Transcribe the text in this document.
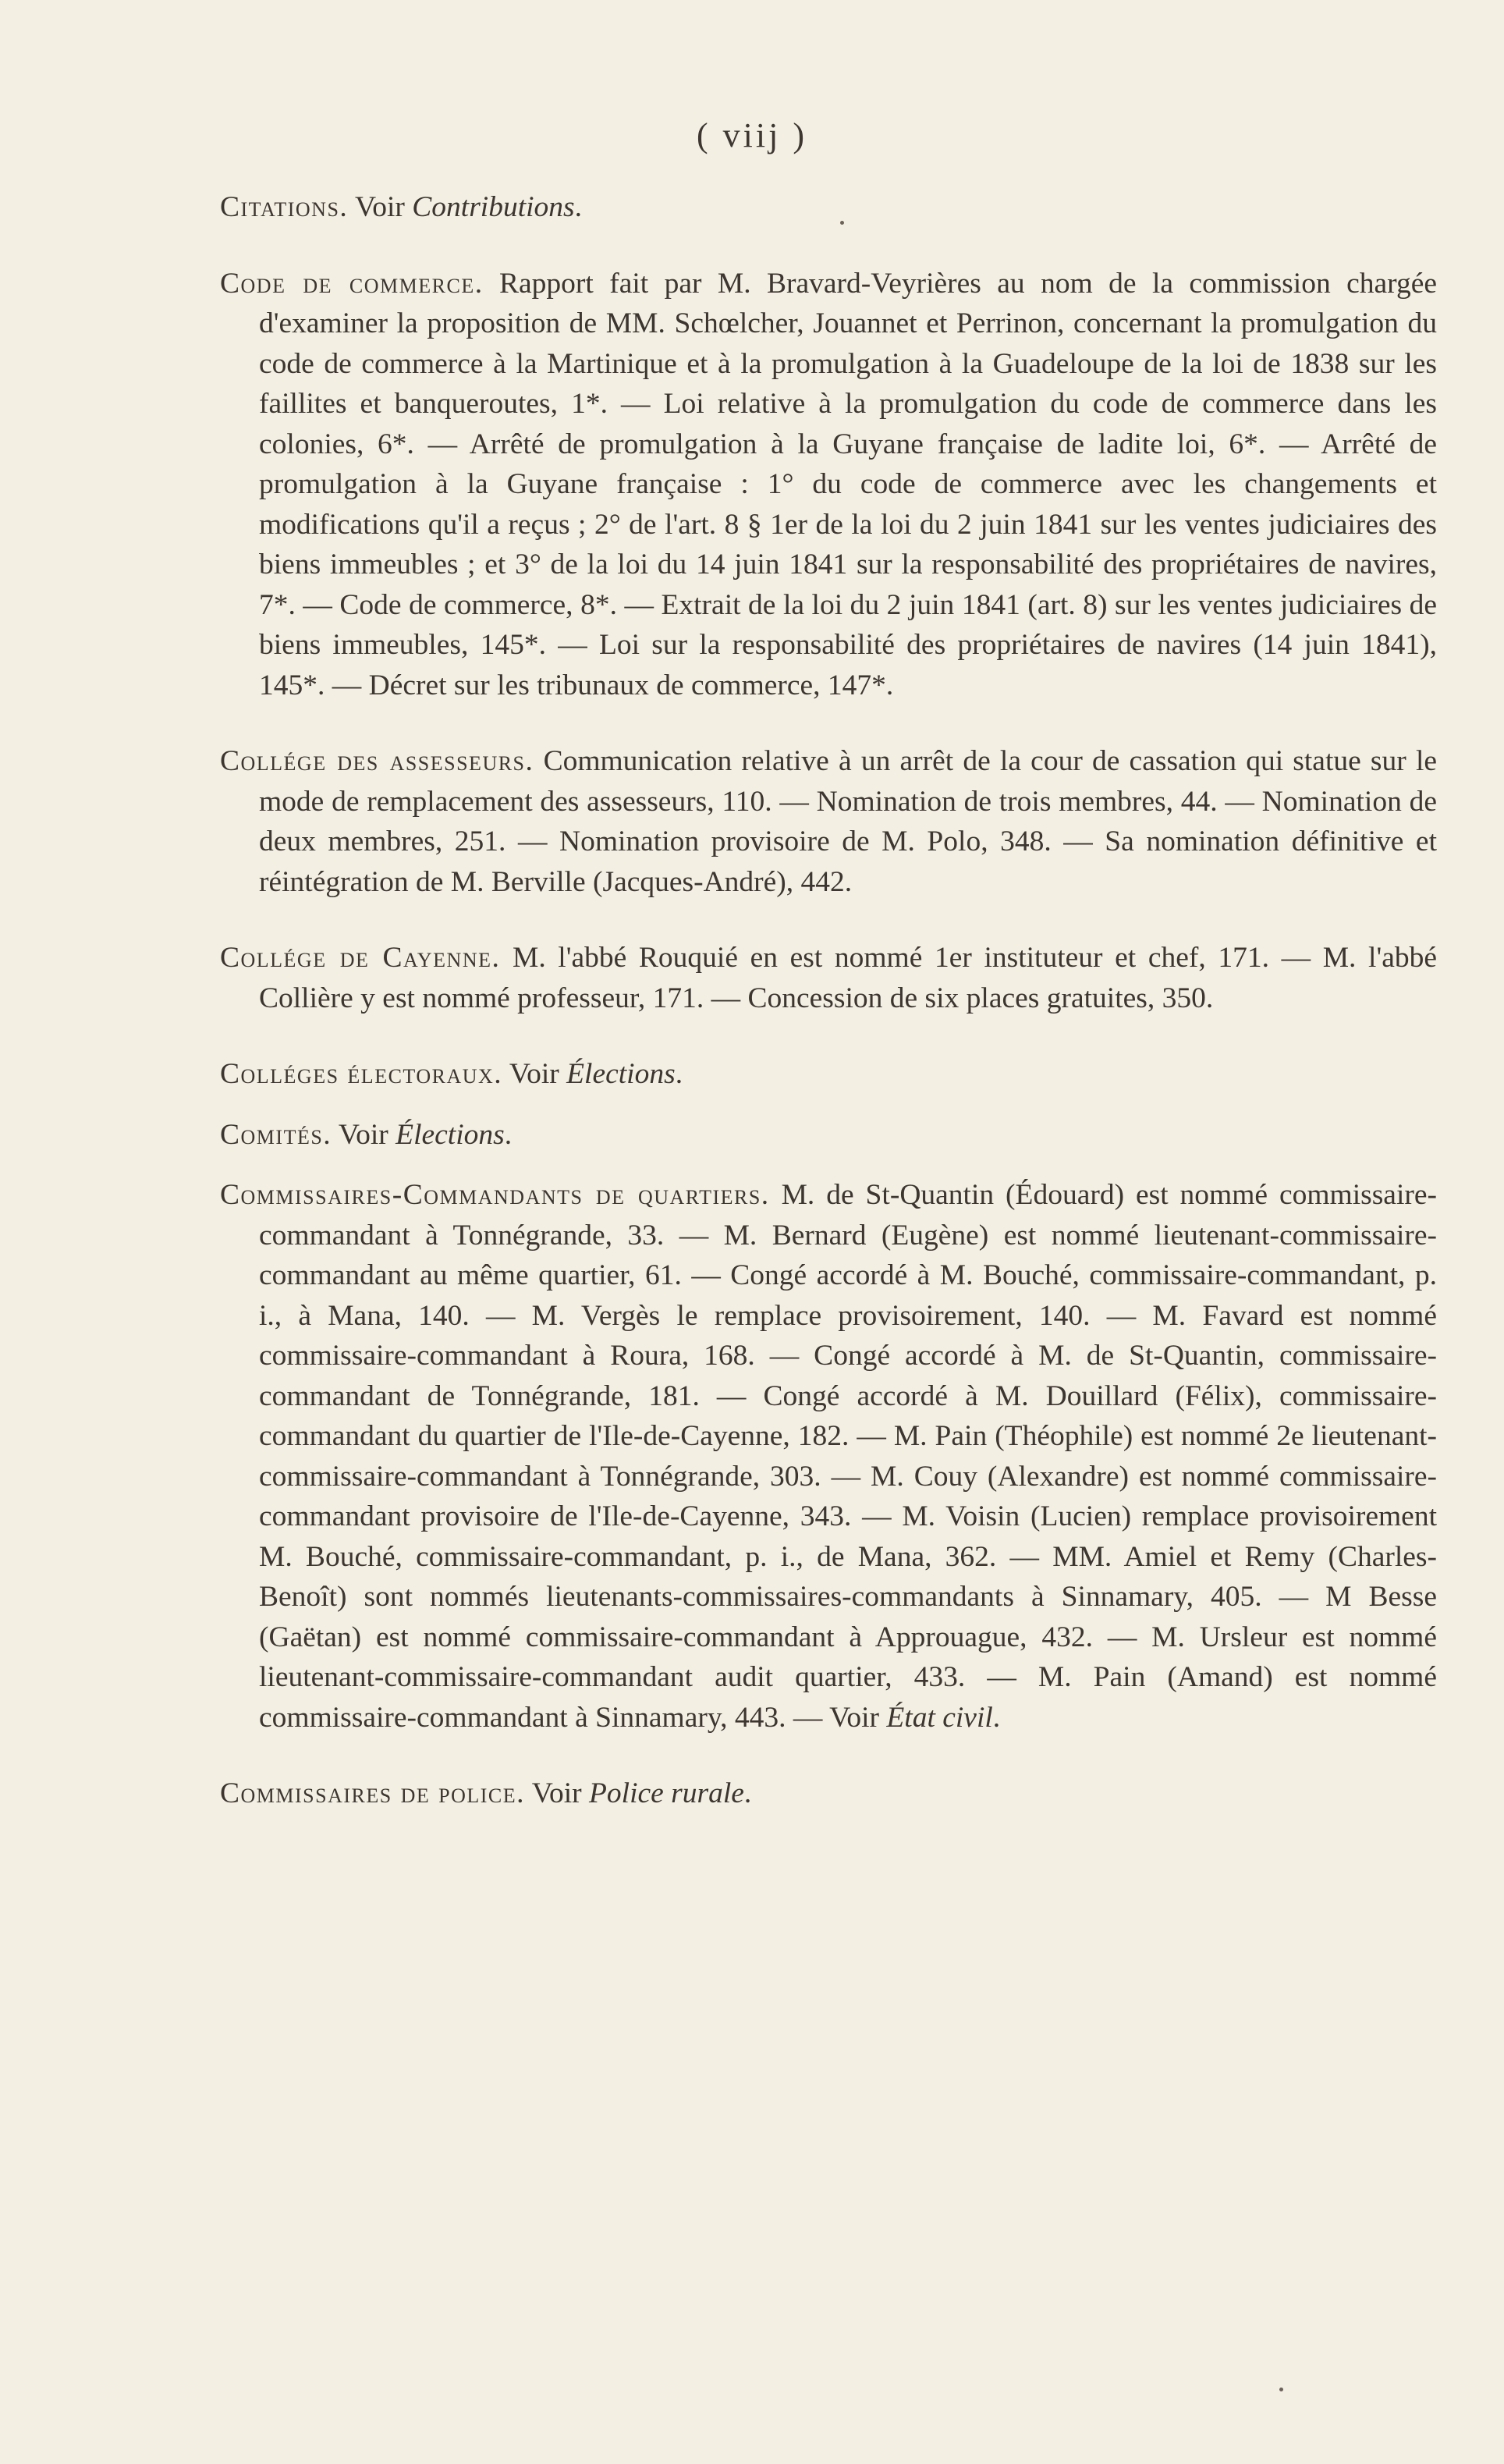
( viij )

Citations. Voir Contributions.

Code de commerce. Rapport fait par M. Bravard-Veyrières au nom de la commission chargée d'examiner la proposition de MM. Schœlcher, Jouannet et Perrinon, concernant la promulgation du code de commerce à la Martinique et à la promulgation à la Guadeloupe de la loi de 1838 sur les faillites et banqueroutes, 1*. — Loi relative à la promulgation du code de commerce dans les colonies, 6*. — Arrêté de promulgation à la Guyane française de ladite loi, 6*. — Arrêté de promulgation à la Guyane française : 1° du code de commerce avec les changements et modifications qu'il a reçus ; 2° de l'art. 8 § 1er de la loi du 2 juin 1841 sur les ventes judiciaires des biens immeubles ; et 3° de la loi du 14 juin 1841 sur la responsabilité des propriétaires de navires, 7*. — Code de commerce, 8*. — Extrait de la loi du 2 juin 1841 (art. 8) sur les ventes judiciaires de biens immeubles, 145*. — Loi sur la responsabilité des propriétaires de navires (14 juin 1841), 145*. — Décret sur les tribunaux de commerce, 147*.

Collége des assesseurs. Communication relative à un arrêt de la cour de cassation qui statue sur le mode de remplacement des assesseurs, 110. — Nomination de trois membres, 44. — Nomination de deux membres, 251. — Nomination provisoire de M. Polo, 348. — Sa nomination définitive et réintégration de M. Berville (Jacques-André), 442.

Collége de Cayenne. M. l'abbé Rouquié en est nommé 1er instituteur et chef, 171. — M. l'abbé Collière y est nommé professeur, 171. — Concession de six places gratuites, 350.

Colléges électoraux. Voir Élections.

Comités. Voir Élections.

Commissaires-Commandants de quartiers. M. de St-Quantin (Édouard) est nommé commissaire-commandant à Tonnégrande, 33. — M. Bernard (Eugène) est nommé lieutenant-commissaire-commandant au même quartier, 61. — Congé accordé à M. Bouché, commissaire-commandant, p. i., à Mana, 140. — M. Vergès le remplace provisoirement, 140. — M. Favard est nommé commissaire-commandant à Roura, 168. — Congé accordé à M. de St-Quantin, commissaire-commandant de Tonnégrande, 181. — Congé accordé à M. Douillard (Félix), commissaire-commandant du quartier de l'Ile-de-Cayenne, 182. — M. Pain (Théophile) est nommé 2e lieutenant-commissaire-commandant à Tonnégrande, 303. — M. Couy (Alexandre) est nommé commissaire-commandant provisoire de l'Ile-de-Cayenne, 343. — M. Voisin (Lucien) remplace provisoirement M. Bouché, commissaire-commandant, p. i., de Mana, 362. — MM. Amiel et Remy (Charles-Benoît) sont nommés lieutenants-commissaires-commandants à Sinnamary, 405. — M Besse (Gaëtan) est nommé commissaire-commandant à Approuague, 432. — M. Ursleur est nommé lieutenant-commissaire-commandant audit quartier, 433. — M. Pain (Amand) est nommé commissaire-commandant à Sinnamary, 443. — Voir État civil.

Commissaires de police. Voir Police rurale.
